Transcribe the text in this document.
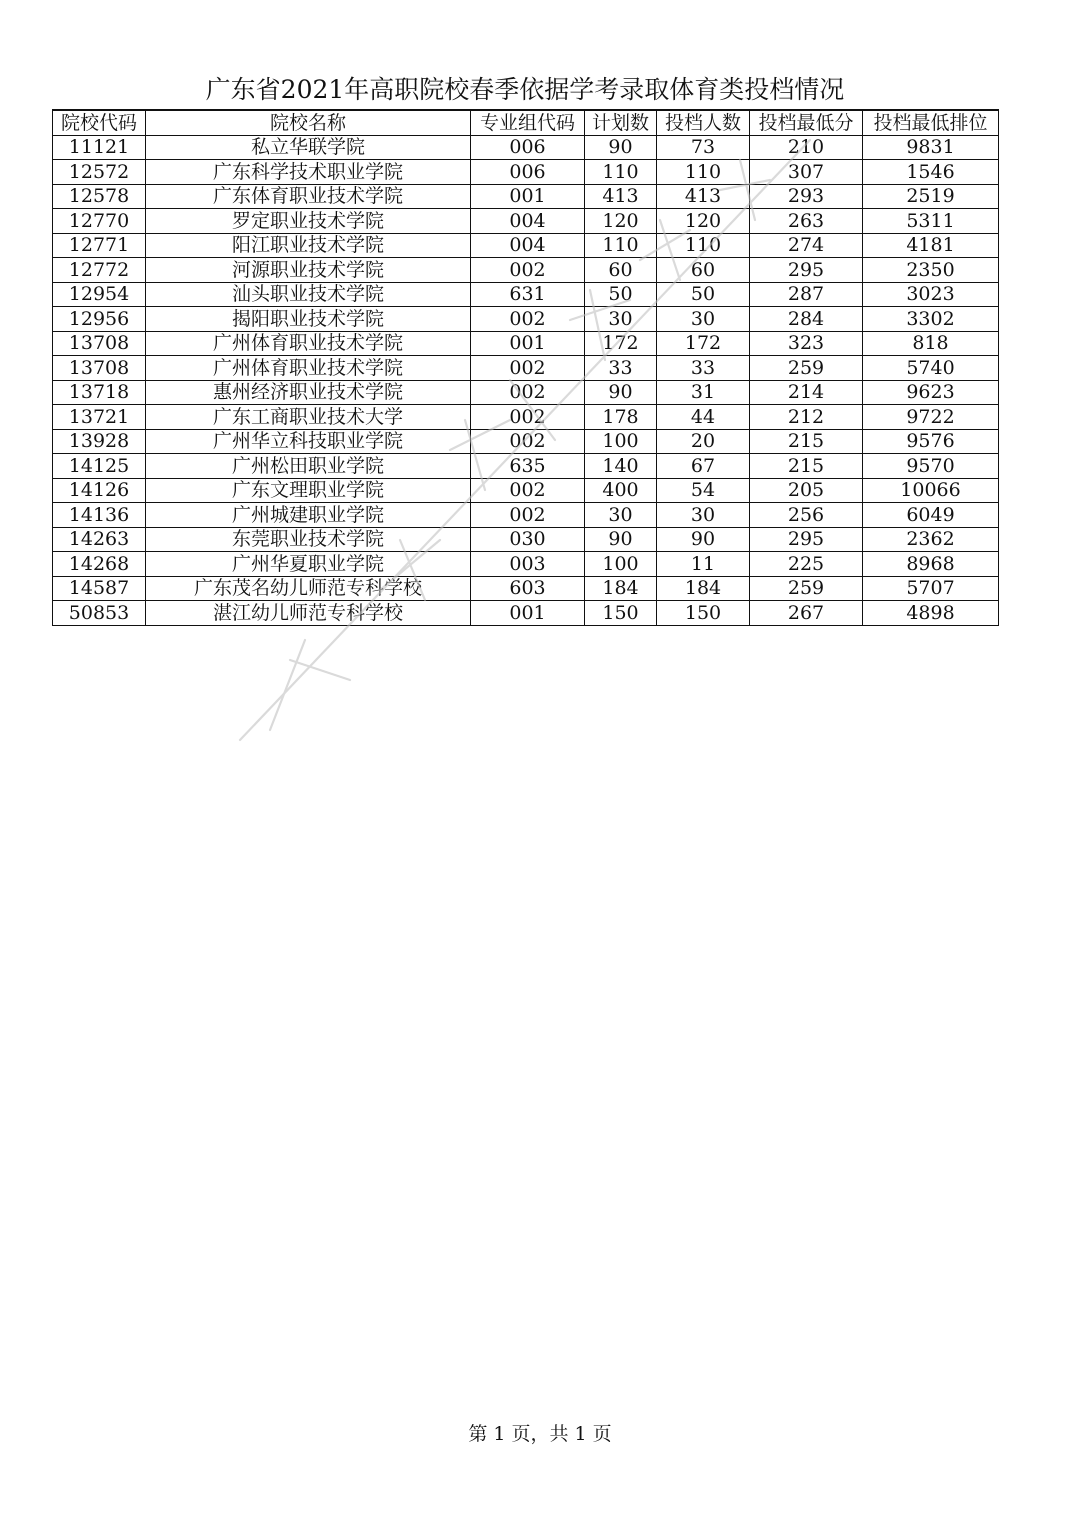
广东省2021年高职院校春季依据学考录取体育类投档情况
院校代码	院校名称	专业组代码	计划数	投档人数	投档最低分	投档最低排位
11121	私立华联学院	006	90	73	210	9831
12572	广东科学技术职业学院	006	110	110	307	1546
12578	广东体育职业技术学院	001	413	413	293	2519
12770	罗定职业技术学院	004	120	120	263	5311
12771	阳江职业技术学院	004	110	110	274	4181
12772	河源职业技术学院	002	60	60	295	2350
12954	汕头职业技术学院	631	50	50	287	3023
12956	揭阳职业技术学院	002	30	30	284	3302
13708	广州体育职业技术学院	001	172	172	323	818
13708	广州体育职业技术学院	002	33	33	259	5740
13718	惠州经济职业技术学院	002	90	31	214	9623
13721	广东工商职业技术大学	002	178	44	212	9722
13928	广州华立科技职业学院	002	100	20	215	9576
14125	广州松田职业学院	635	140	67	215	9570
14126	广东文理职业学院	002	400	54	205	10066
14136	广州城建职业学院	002	30	30	256	6049
14263	东莞职业技术学院	030	90	90	295	2362
14268	广州华夏职业学院	003	100	11	225	8968
14587	广东茂名幼儿师范专科学校	603	184	184	259	5707
50853	湛江幼儿师范专科学校	001	150	150	267	4898
第 1 页，共 1 页
